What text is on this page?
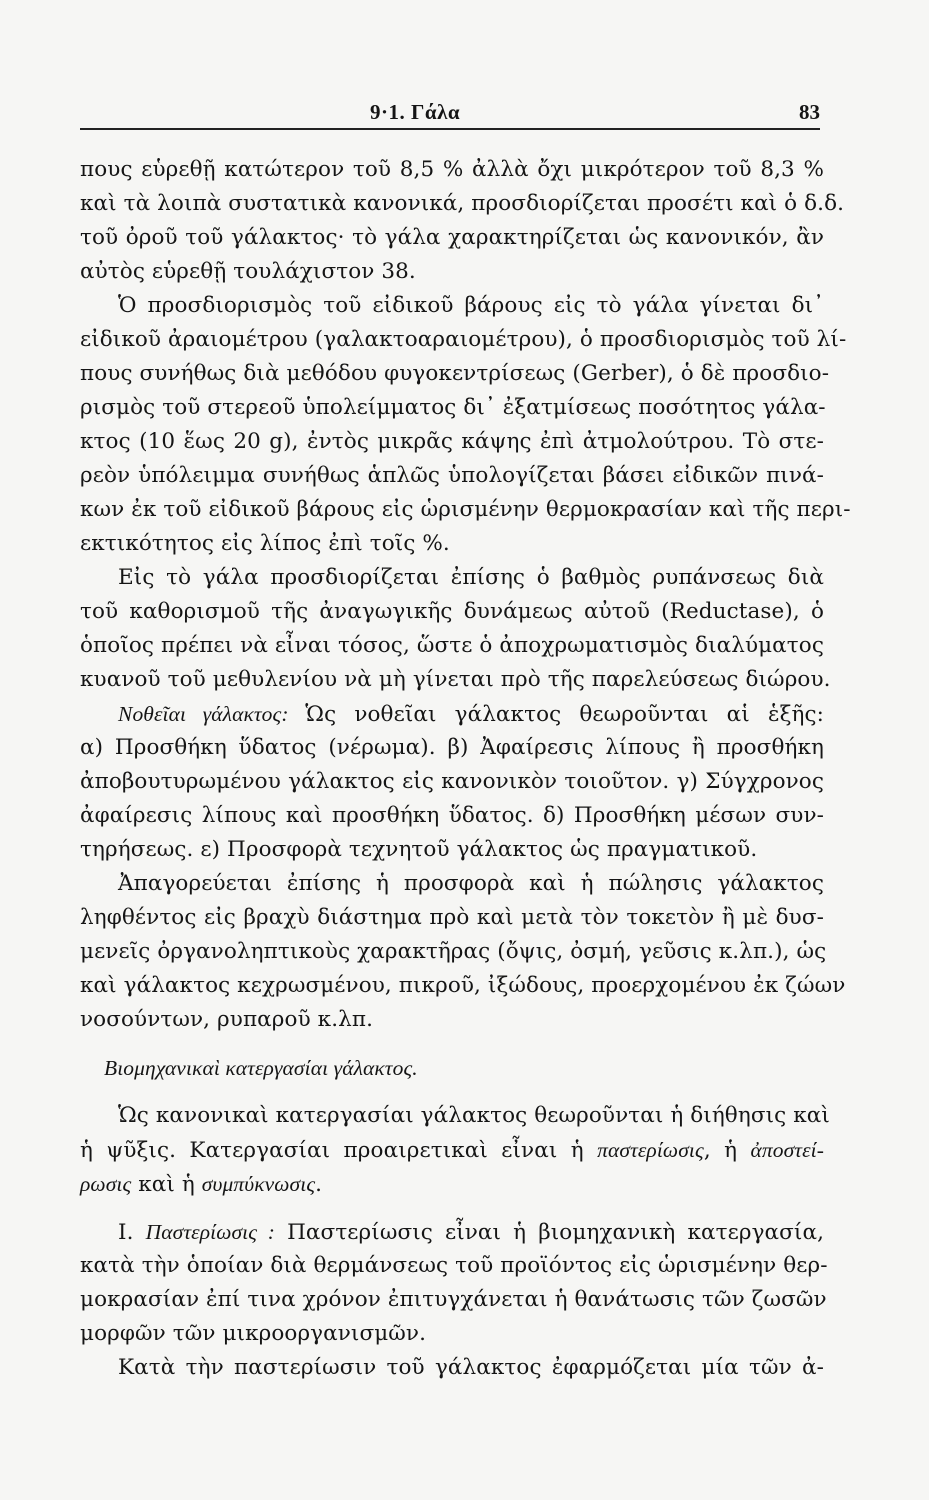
9·1. Γάλα	83
πους εὑρεθῇ κατώτερον τοῦ 8,5 % ἀλλὰ ὄχι μικρότερον τοῦ 8,3 %
καὶ τὰ λοιπὰ συστατικὰ κανονικά, προσδιορίζεται προσέτι καὶ ὁ δ.δ.
τοῦ ὀροῦ τοῦ γάλακτος· τὸ γάλα χαρακτηρίζεται ὡς κανονικόν, ἂν
αὐτὸς εὑρεθῇ τουλάχιστον 38.
Ὁ προσδιορισμὸς τοῦ εἰδικοῦ βάρους εἰς τὸ γάλα γίνεται δι᾽
εἰδικοῦ ἀραιομέτρου (γαλακτοαραιομέτρου), ὁ προσδιορισμὸς τοῦ λί-
πους συνήθως διὰ μεθόδου φυγοκεντρίσεως (Gerber), ὁ δὲ προσδιο-
ρισμὸς τοῦ στερεοῦ ὑπολείμματος δι᾽ ἐξατμίσεως ποσότητος γάλα-
κτος (10 ἕως 20 g), ἐντὸς μικρᾶς κάψης ἐπὶ ἀτμολούτρου. Τὸ στε-
ρεὸν ὑπόλειμμα συνήθως ἁπλῶς ὑπολογίζεται βάσει εἰδικῶν πινά-
κων ἐκ τοῦ εἰδικοῦ βάρους εἰς ὡρισμένην θερμοκρασίαν καὶ τῆς περι-
εκτικότητος εἰς λίπος ἐπὶ τοῖς %.
Εἰς τὸ γάλα προσδιορίζεται ἐπίσης ὁ βαθμὸς ρυπάνσεως διὰ
τοῦ καθορισμοῦ τῆς ἀναγωγικῆς δυνάμεως αὐτοῦ (Reductase), ὁ
ὁποῖος πρέπει νὰ εἶναι τόσος, ὥστε ὁ ἀποχρωματισμὸς διαλύματος
κυανοῦ τοῦ μεθυλενίου νὰ μὴ γίνεται πρὸ τῆς παρελεύσεως διώρου.
Νοθεῖαι γάλακτος: Ὡς νοθεῖαι γάλακτος θεωροῦνται αἱ ἑξῆς:
α) Προσθήκη ὕδατος (νέρωμα). β) Ἀφαίρεσις λίπους ἢ προσθήκη
ἀποβουτυρωμένου γάλακτος εἰς κανονικὸν τοιοῦτον. γ) Σύγχρονος
ἀφαίρεσις λίπους καὶ προσθήκη ὕδατος. δ) Προσθήκη μέσων συν-
τηρήσεως. ε) Προσφορὰ τεχνητοῦ γάλακτος ὡς πραγματικοῦ.
Ἀπαγορεύεται ἐπίσης ἡ προσφορὰ καὶ ἡ πώλησις γάλακτος
ληφθέντος εἰς βραχὺ διάστημα πρὸ καὶ μετὰ τὸν τοκετὸν ἢ μὲ δυσ-
μενεῖς ὀργανοληπτικοὺς χαρακτῆρας (ὄψις, ὀσμή, γεῦσις κ.λπ.), ὡς
καὶ γάλακτος κεχρωσμένου, πικροῦ, ἰξώδους, προερχομένου ἐκ ζώων
νοσούντων, ρυπαροῦ κ.λπ.
Βιομηχανικαὶ κατεργασίαι γάλακτος.
Ὡς κανονικαὶ κατεργασίαι γάλακτος θεωροῦνται ἡ διήθησις καὶ
ἡ ψῦξις. Κατεργασίαι προαιρετικαὶ εἶναι ἡ παστερίωσις, ἡ ἀποστεί-
ρωσις καὶ ἡ συμπύκνωσις.
I. Παστερίωσις : Παστερίωσις εἶναι ἡ βιομηχανικὴ κατεργασία,
κατὰ τὴν ὁποίαν διὰ θερμάνσεως τοῦ προϊόντος εἰς ὡρισμένην θερ-
μοκρασίαν ἐπί τινα χρόνον ἐπιτυγχάνεται ἡ θανάτωσις τῶν ζωσῶν
μορφῶν τῶν μικροοργανισμῶν.
Κατὰ τὴν παστερίωσιν τοῦ γάλακτος ἐφαρμόζεται μία τῶν ἀ-
